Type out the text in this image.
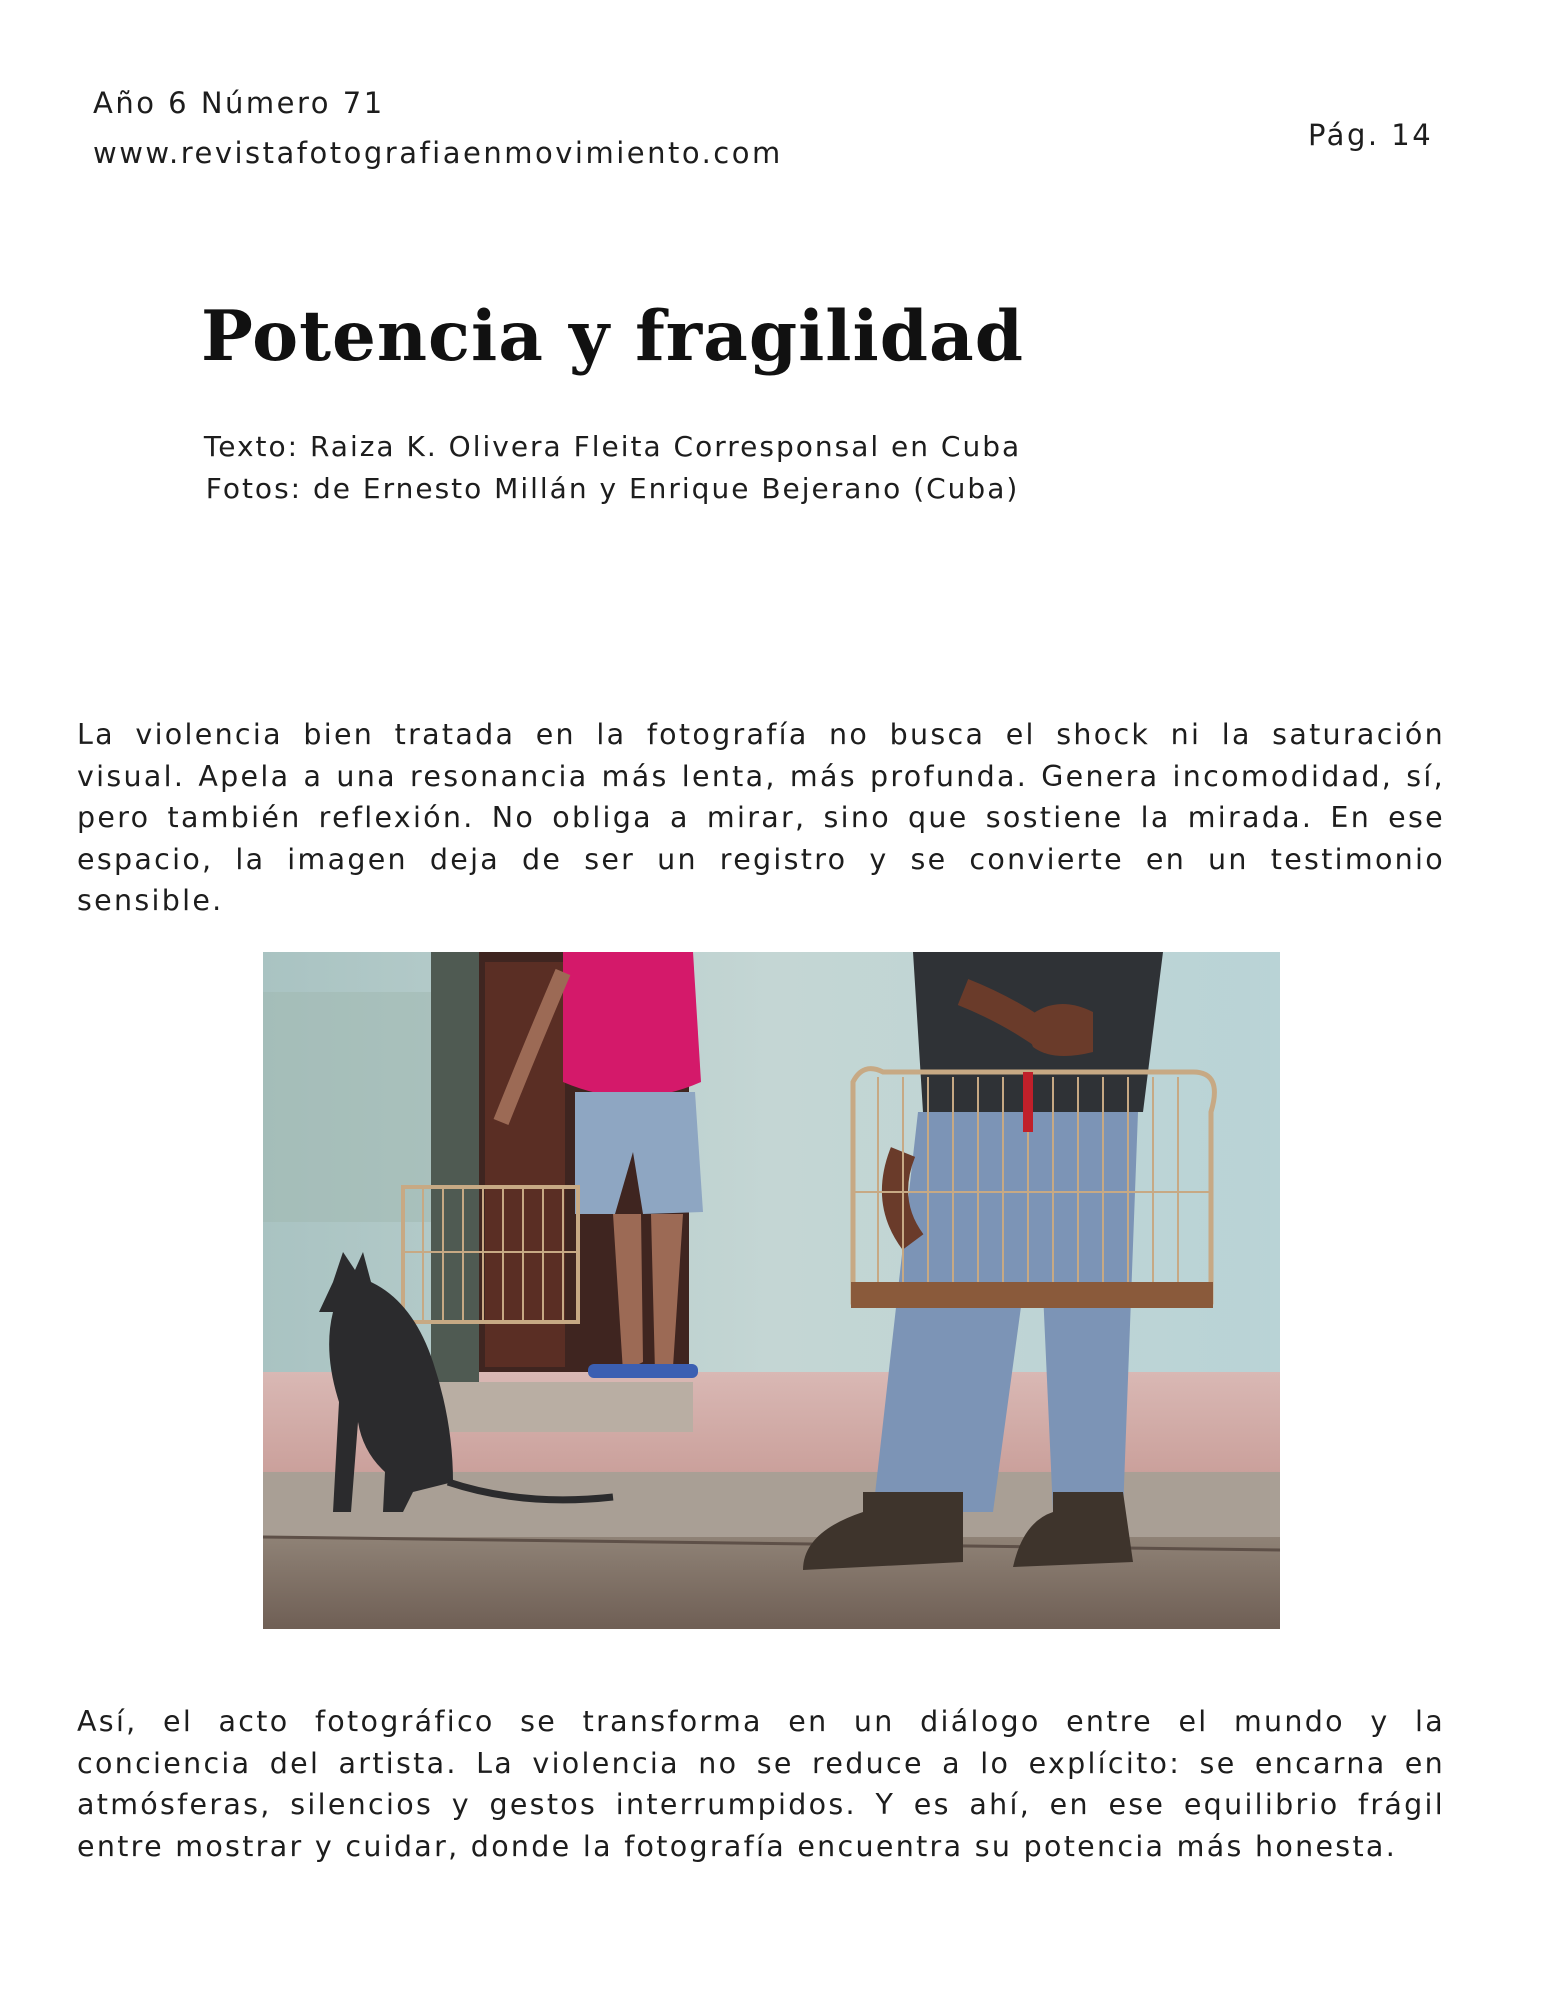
Año 6 Número 71
www.revistafotografiaenmovimiento.com
Pág. 14
Potencia y fragilidad
Texto: Raiza K. Olivera Fleita Corresponsal en Cuba
Fotos: de Ernesto Millán y Enrique Bejerano (Cuba)

La violencia bien tratada en la fotografía no busca el shock ni la saturación visual. Apela a una resonancia más lenta, más profunda. Genera incomodidad, sí, pero también reflexión. No obliga a mirar, sino que sostiene la mirada. En ese espacio, la imagen deja de ser un registro y se convierte en un testimonio sensible.

Así, el acto fotográfico se transforma en un diálogo entre el mundo y la conciencia del artista. La violencia no se reduce a lo explícito: se encarna en atmósferas, silencios y gestos interrumpidos. Y es ahí, en ese equilibrio frágil entre mostrar y cuidar, donde la fotografía encuentra su potencia más honesta.
